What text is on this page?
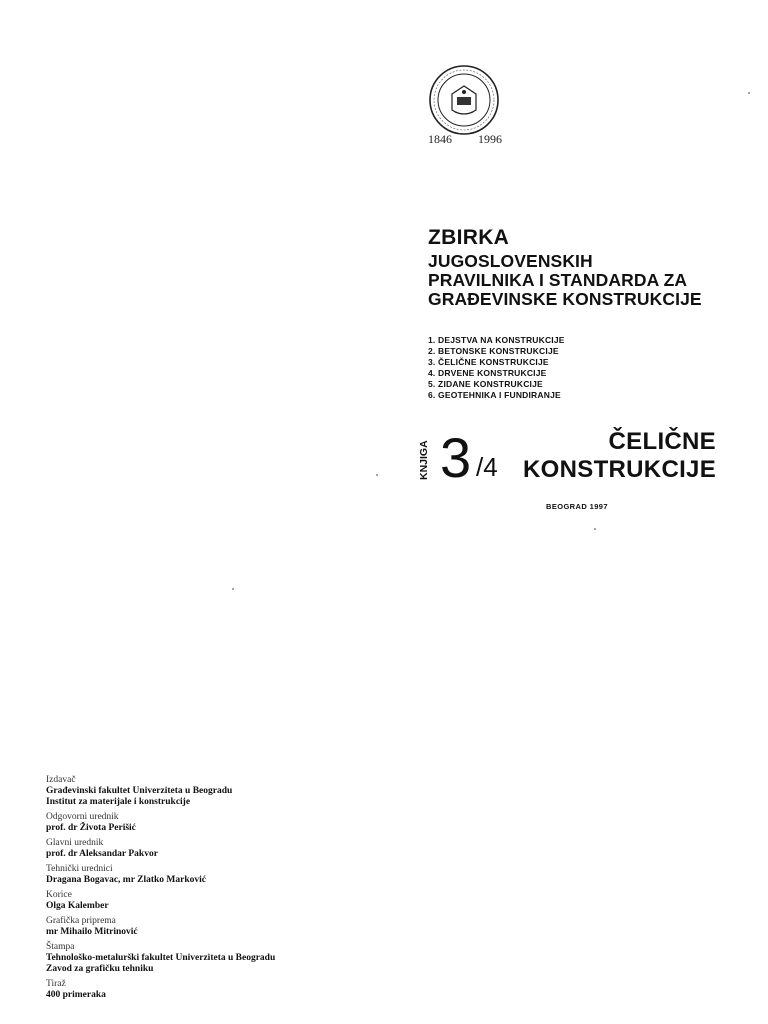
1846 1996
ZBIRKA
JUGOSLOVENSKIH
PRAVILNIKA I STANDARDA ZA
GRAĐEVINSKE KONSTRUKCIJE
1. DEJSTVA NA KONSTRUKCIJE
2. BETONSKE KONSTRUKCIJE
3. ČELIČNE KONSTRUKCIJE
4. DRVENE KONSTRUKCIJE
5. ZIDANE KONSTRUKCIJE
6. GEOTEHNIKA I FUNDIRANJE
KNJIGA 3 /4
ČELIČNE
KONSTRUKCIJE
BEOGRAD 1997
Izdavač
Građevinski fakultet Univerziteta u Beogradu
Institut za materijale i konstrukcije
Odgovorni urednik
prof. dr Života Perišić
Glavni urednik
prof. dr Aleksandar Pakvor
Tehnički urednici
Dragana Bogavac, mr Zlatko Marković
Korice
Olga Kalember
Grafička priprema
mr Mihailo Mitrinović
Štampa
Tehnološko-metalurški fakultet Univerziteta u Beogradu
Zavod za grafičku tehniku
Tiraž
400 primeraka
